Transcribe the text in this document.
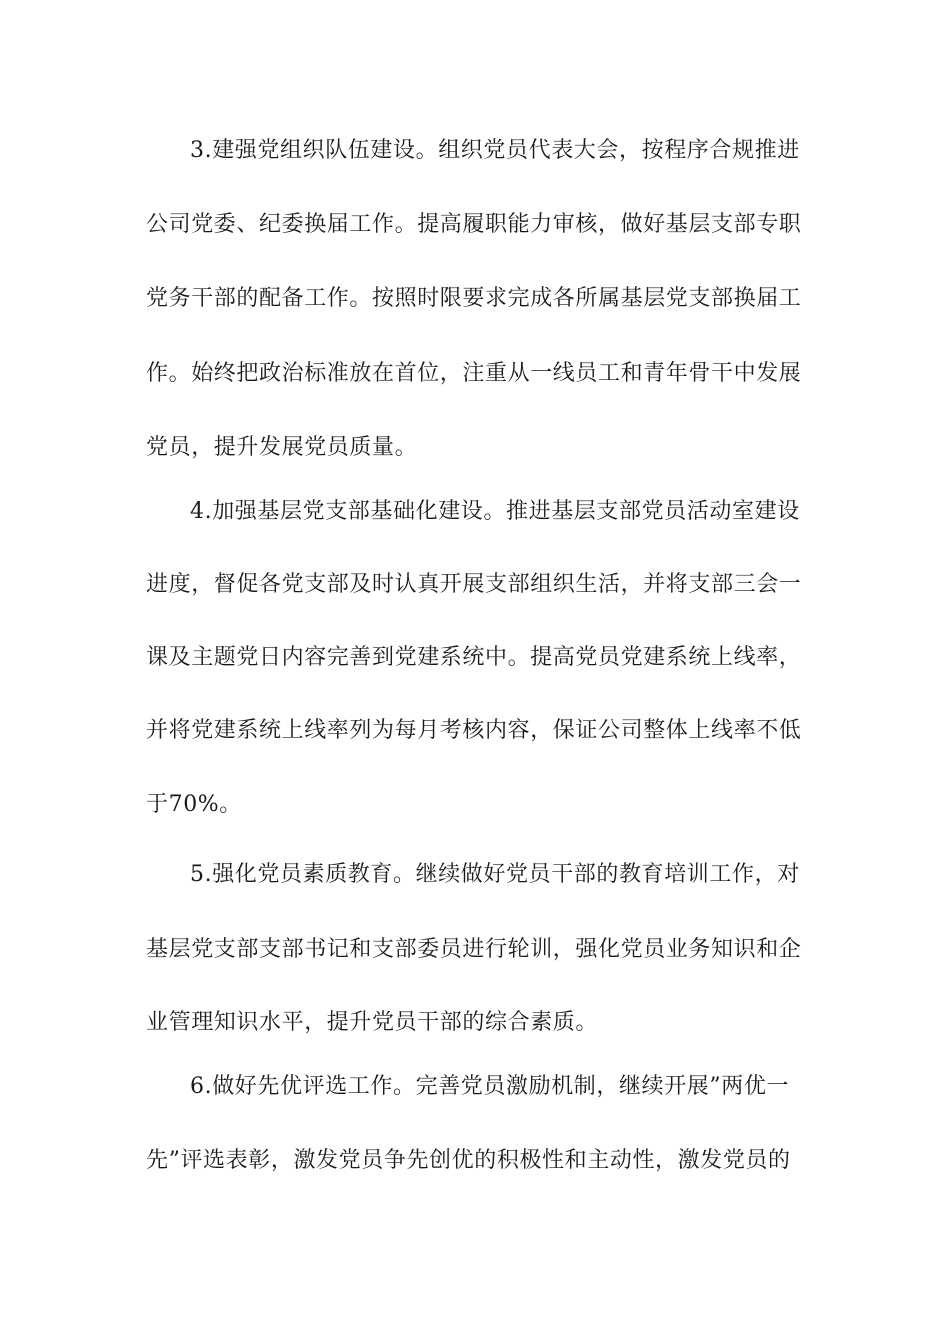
3.建强党组织队伍建设。组织党员代表大会，按程序合规推进
公司党委、纪委换届工作。提高履职能力审核，做好基层支部专职
党务干部的配备工作。按照时限要求完成各所属基层党支部换届工
作。始终把政治标准放在首位，注重从一线员工和青年骨干中发展
党员，提升发展党员质量。
4.加强基层党支部基础化建设。推进基层支部党员活动室建设
进度，督促各党支部及时认真开展支部组织生活，并将支部三会一
课及主题党日内容完善到党建系统中。提高党员党建系统上线率，
并将党建系统上线率列为每月考核内容，保证公司整体上线率不低
于70%。
5.强化党员素质教育。继续做好党员干部的教育培训工作，对
基层党支部支部书记和支部委员进行轮训，强化党员业务知识和企
业管理知识水平，提升党员干部的综合素质。
6.做好先优评选工作。完善党员激励机制，继续开展”两优一
先”评选表彰，激发党员争先创优的积极性和主动性，激发党员的
